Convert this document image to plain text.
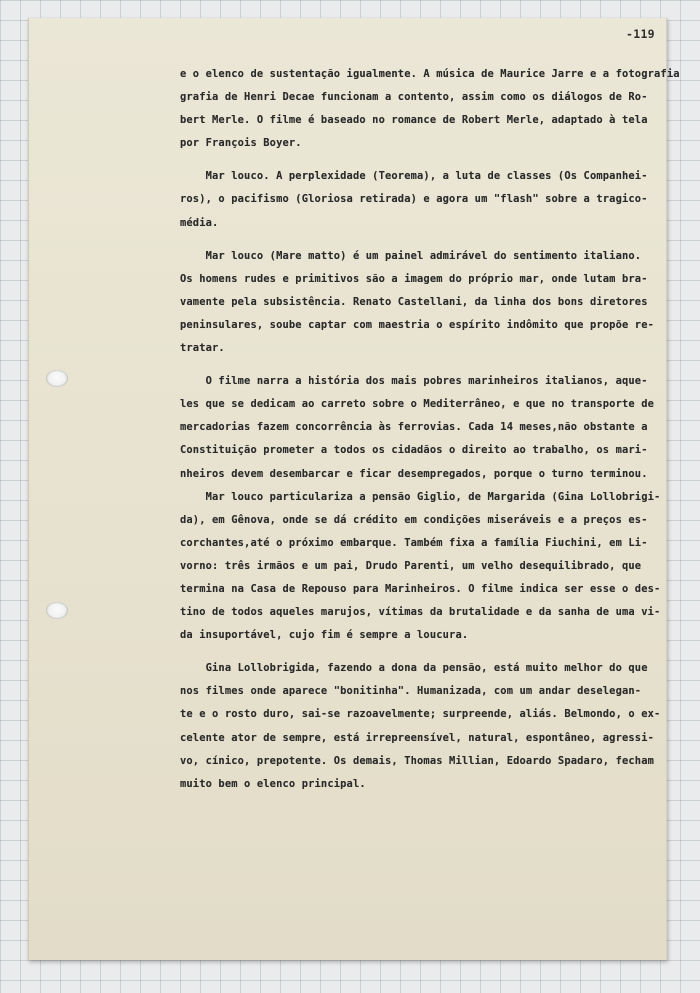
-119
e o elenco de sustentação igualmente. A música de Maurice Jarre e a fotografia
grafia de Henri Decae funcionam a contento, assim como os diálogos de Ro-
bert Merle. O filme é baseado no romance de Robert Merle, adaptado à tela
por François Boyer.
Mar louco. A perplexidade (Teorema), a luta de classes (Os Companhei-
ros), o pacifismo (Gloriosa retirada) e agora um "flash" sobre a tragico-
média.
Mar louco (Mare matto) é um painel admirável do sentimento italiano.
Os homens rudes e primitivos são a imagem do próprio mar, onde lutam bra-
vamente pela subsistência. Renato Castellani, da linha dos bons diretores
peninsulares, soube captar com maestria o espírito indômito que propõe re-
tratar.
O filme narra a história dos mais pobres marinheiros italianos, aque-
les que se dedicam ao carreto sobre o Mediterrâneo, e que no transporte de
mercadorias fazem concorrência às ferrovias. Cada 14 meses,não obstante a
Constituição prometer a todos os cidadãos o direito ao trabalho, os mari-
nheiros devem desembarcar e ficar desempregados, porque o turno terminou.
Mar louco particulariza a pensão Giglio, de Margarida (Gina Lollobrigi-
da), em Gênova, onde se dá crédito em condições miseráveis e a preços es-
corchantes,até o próximo embarque. Também fixa a família Fiuchini, em Li-
vorno: três irmãos e um pai, Drudo Parenti, um velho desequilibrado, que
termina na Casa de Repouso para Marinheiros. O filme indica ser esse o des-
tino de todos aqueles marujos, vítimas da brutalidade e da sanha de uma vi-
da insuportável, cujo fim é sempre a loucura.
Gina Lollobrigida, fazendo a dona da pensão, está muito melhor do que
nos filmes onde aparece "bonitinha". Humanizada, com um andar deselegan-
te e o rosto duro, sai-se razoavelmente; surpreende, aliás. Belmondo, o ex-
celente ator de sempre, está irrepreensível, natural, espontâneo, agressi-
vo, cínico, prepotente. Os demais, Thomas Millian, Edoardo Spadaro, fecham
muito bem o elenco principal.
